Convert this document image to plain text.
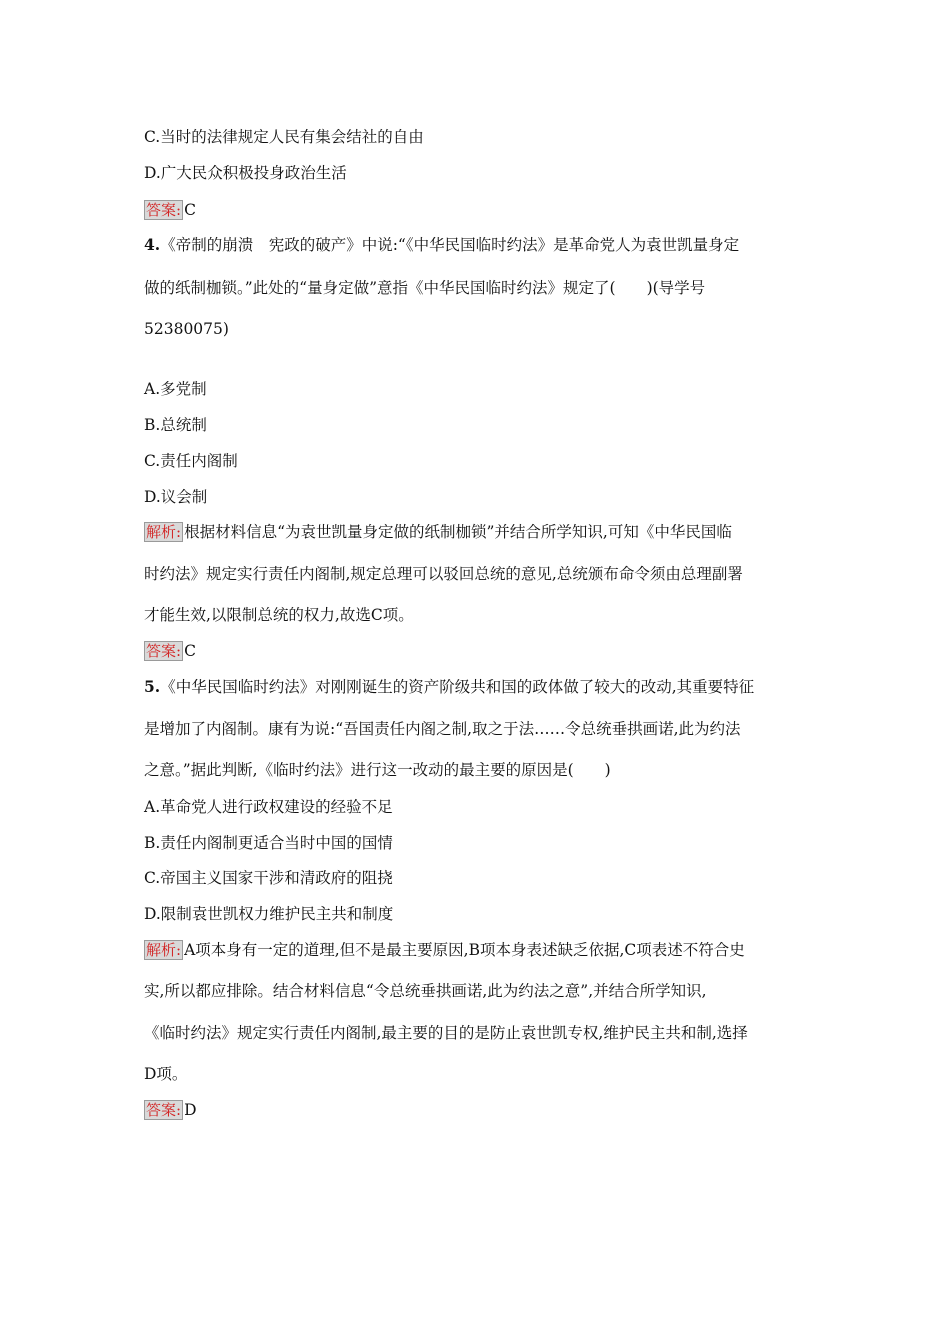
C.当时的法律规定人民有集会结社的自由
D.广大民众积极投身政治生活
答案: C
4.《帝制的崩溃　宪政的破产》中说:“《中华民国临时约法》是革命党人为袁世凯量身定
做的纸制枷锁。”此处的“量身定做”意指《中华民国临时约法》规定了(　　)(导学号
52380075)
A.多党制
B.总统制
C.责任内阁制
D.议会制
解析: 根据材料信息“为袁世凯量身定做的纸制枷锁”并结合所学知识,可知《中华民国临
时约法》规定实行责任内阁制,规定总理可以驳回总统的意见,总统颁布命令须由总理副署
才能生效,以限制总统的权力,故选C项。
答案: C
5.《中华民国临时约法》对刚刚诞生的资产阶级共和国的政体做了较大的改动,其重要特征
是增加了内阁制。康有为说:“吾国责任内阁之制,取之于法……令总统垂拱画诺,此为约法
之意。”据此判断,《临时约法》进行这一改动的最主要的原因是(　　)
A.革命党人进行政权建设的经验不足
B.责任内阁制更适合当时中国的国情
C.帝国主义国家干涉和清政府的阻挠
D.限制袁世凯权力维护民主共和制度
解析: A项本身有一定的道理,但不是最主要原因,B项本身表述缺乏依据,C项表述不符合史
实,所以都应排除。结合材料信息“令总统垂拱画诺,此为约法之意”,并结合所学知识,
《临时约法》规定实行责任内阁制,最主要的目的是防止袁世凯专权,维护民主共和制,选择
D项。
答案: D
